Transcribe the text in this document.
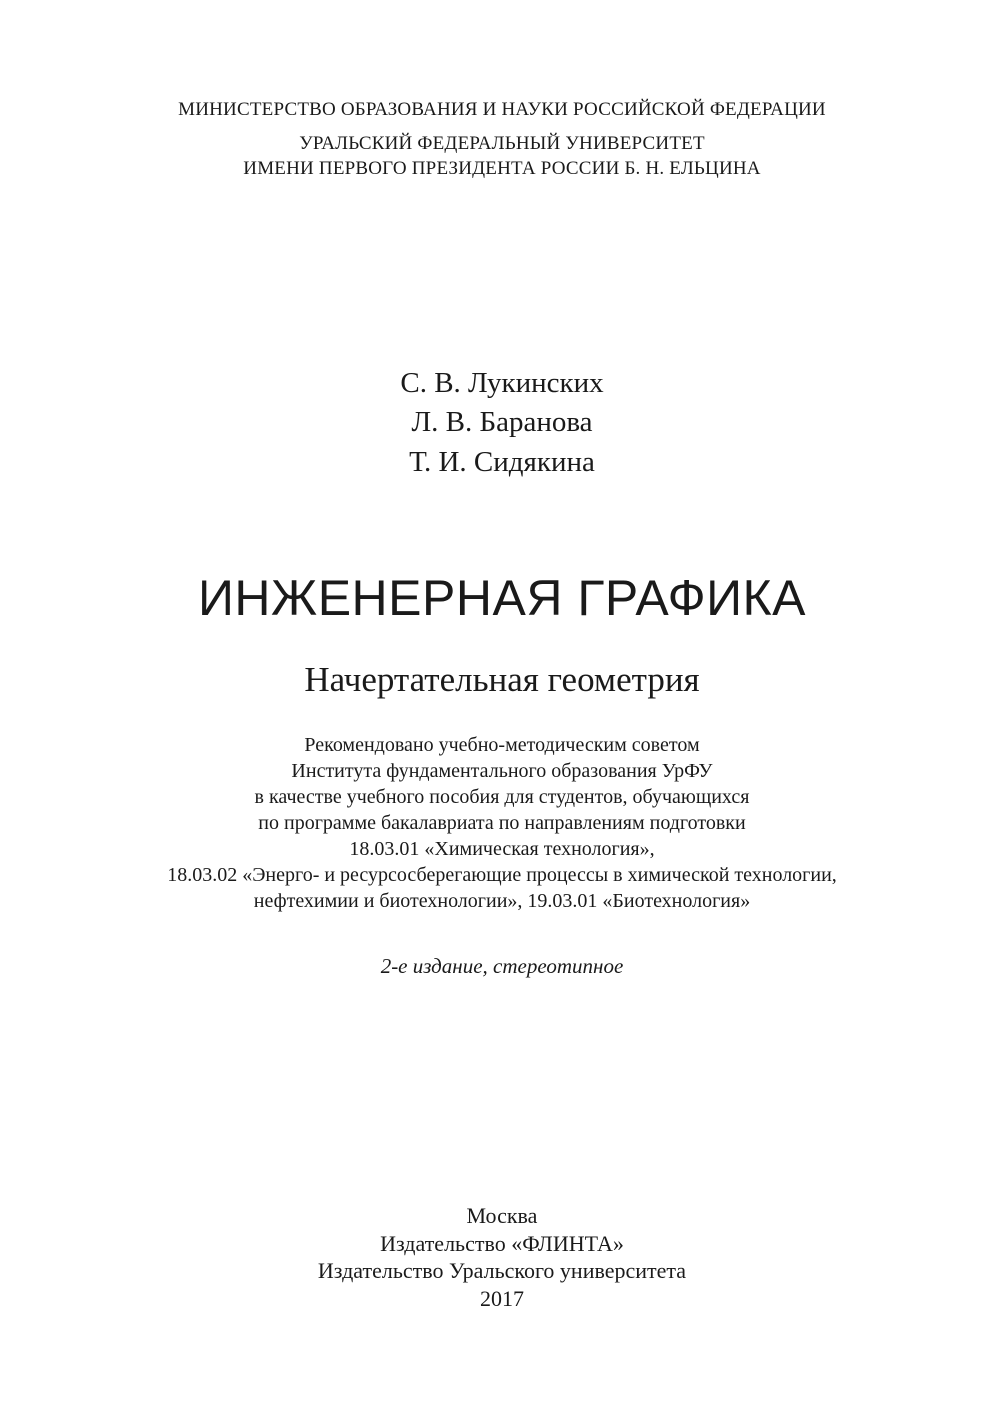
МИНИСТЕРСТВО ОБРАЗОВАНИЯ И НАУКИ РОССИЙСКОЙ ФЕДЕРАЦИИ
УРАЛЬСКИЙ ФЕДЕРАЛЬНЫЙ УНИВЕРСИТЕТ
ИМЕНИ ПЕРВОГО ПРЕЗИДЕНТА РОССИИ Б. Н. ЕЛЬЦИНА
С. В. Лукинских
Л. В. Баранова
Т. И. Сидякина
ИНЖЕНЕРНАЯ ГРАФИКА
Начертательная геометрия
Рекомендовано учебно-методическим советом
Института фундаментального образования УрФУ
в качестве учебного пособия для студентов, обучающихся
по программе бакалавриата по направлениям подготовки
18.03.01 «Химическая технология»,
18.03.02 «Энерго- и ресурсосберегающие процессы в химической технологии,
нефтехимии и биотехнологии», 19.03.01 «Биотехнология»
2-е издание, стереотипное
Москва
Издательство «ФЛИНТА»
Издательство Уральского университета
2017
